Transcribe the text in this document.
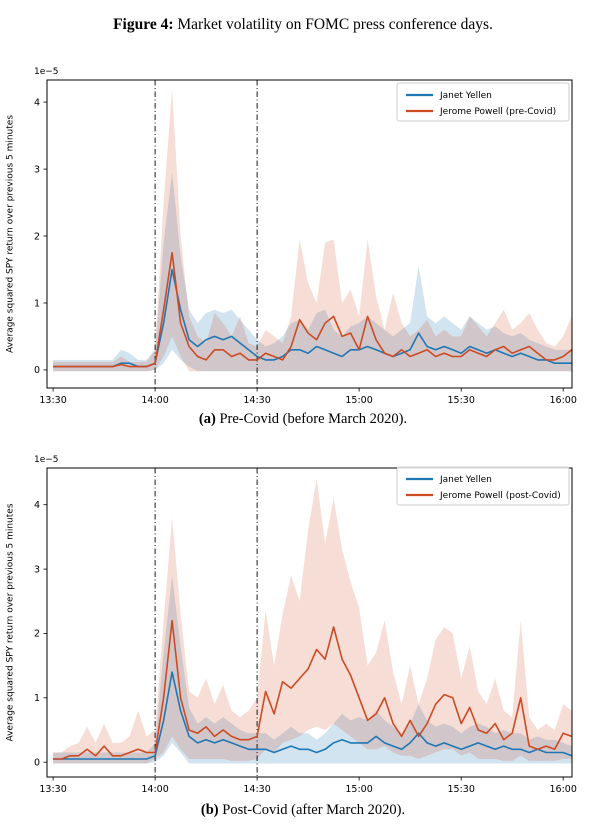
Figure 4: Market volatility on FOMC press conference days.
0
1
2
3
4
13:30	14:00	14:30	15:00	15:30	16:00
1e−5
Average squared SPY return over previous 5 minutes
Janet Yellen
Jerome Powell (pre-Covid)
(a) Pre-Covid (before March 2020).
0
1
2
3
4
13:30	14:00	14:30	15:00	15:30	16:00
1e−5
Average squared SPY return over previous 5 minutes
Janet Yellen
Jerome Powell (post-Covid)
(b) Post-Covid (after March 2020).
